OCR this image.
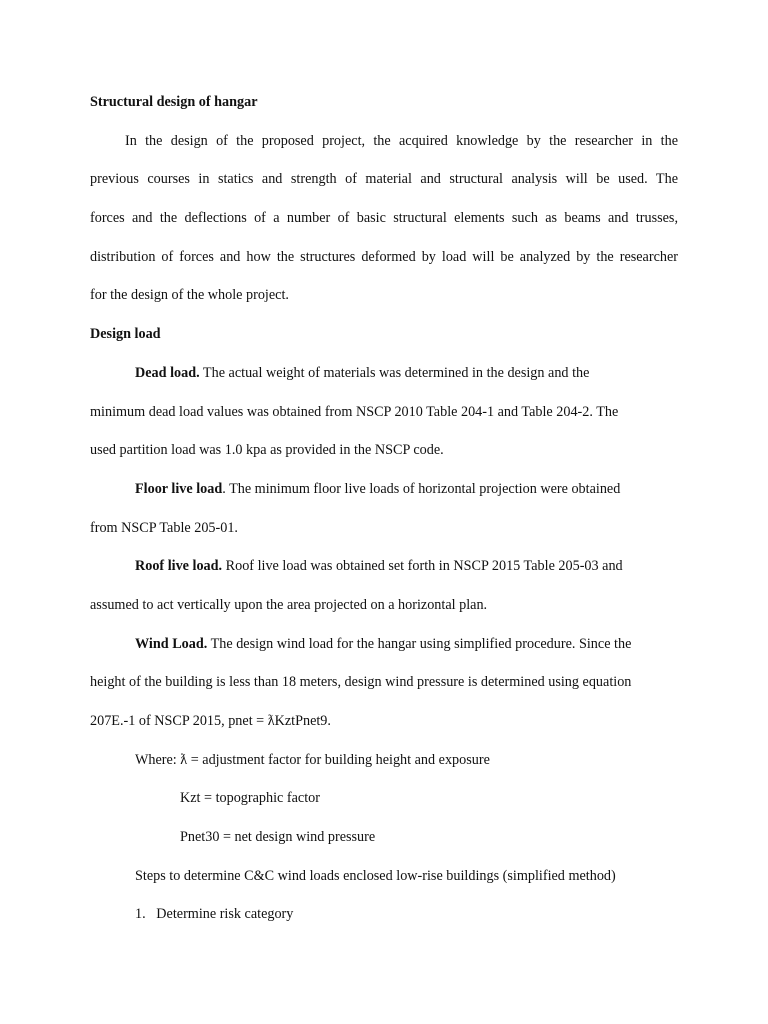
Structural design of hangar
In the design of the proposed project, the acquired knowledge by the researcher in the
previous courses in statics and strength of material and structural analysis will be used. The
forces and the deflections of a number of basic structural elements such as beams and trusses,
distribution of forces and how the structures deformed by load will be analyzed by the researcher
for the design of the whole project.
Design load
Dead load. The actual weight of materials was determined in the design and the
minimum dead load values was obtained from NSCP 2010 Table 204-1 and Table 204-2. The
used partition load was 1.0 kpa as provided in the NSCP code.
Floor live load. The minimum floor live loads of horizontal projection were obtained
from NSCP Table 205-01.
Roof live load. Roof live load was obtained set forth in NSCP 2015 Table 205-03 and
assumed to act vertically upon the area projected on a horizontal plan.
Wind Load. The design wind load for the hangar using simplified procedure. Since the
height of the building is less than 18 meters, design wind pressure is determined using equation
207E.-1 of NSCP 2015, pnet = ƛKztPnet9.
Where: ƛ = adjustment factor for building height and exposure
Kzt = topographic factor
Pnet30 = net design wind pressure
Steps to determine C&C wind loads enclosed low-rise buildings (simplified method)
1.   Determine risk category
